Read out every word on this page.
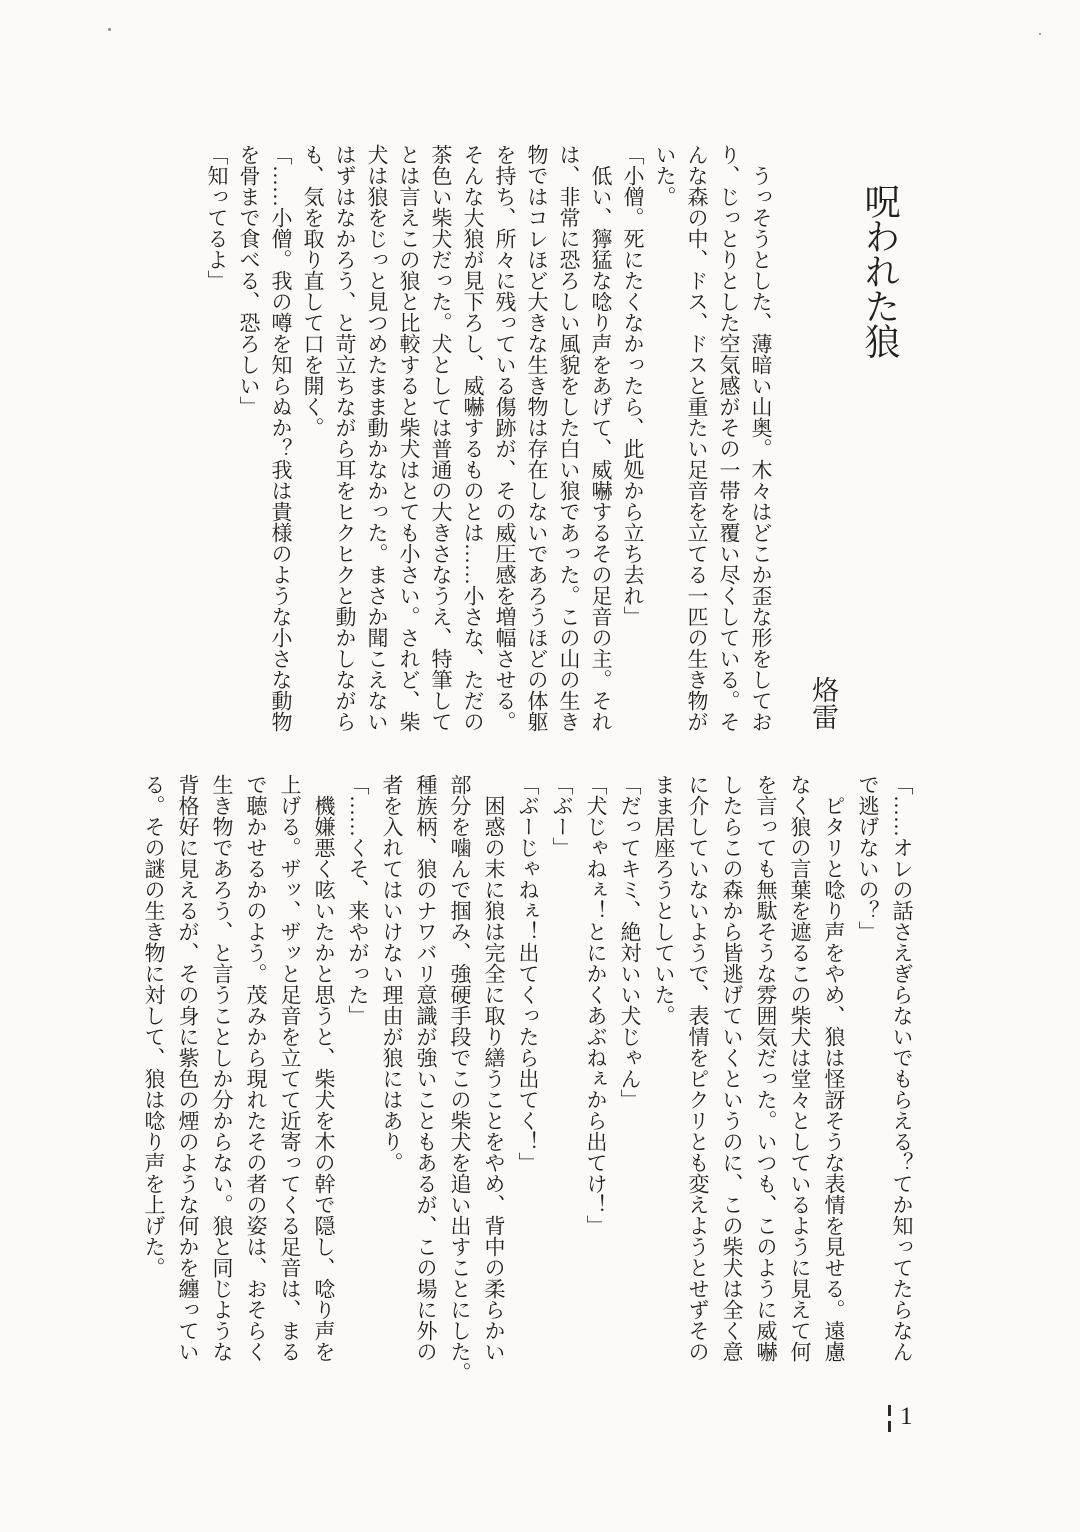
呪われた狼
烙雷
　うっそうとした、薄暗い山奥。木々はどこか歪な形をしてお
り、じっとりとした空気感がその一帯を覆い尽くしている。そ
んな森の中、ドス、ドスと重たい足音を立てる一匹の生き物が
いた。
「小僧。死にたくなかったら、此処から立ち去れ」
　低い、獰猛な唸り声をあげて、威嚇するその足音の主。それ
は、非常に恐ろしい風貌をした白い狼であった。この山の生き
物ではコレほど大きな生き物は存在しないであろうほどの体躯
を持ち、所々に残っている傷跡が、その威圧感を増幅させる。
そんな大狼が見下ろし、威嚇するものとは……小さな、ただの
茶色い柴犬だった。犬としては普通の大きさなうえ、特筆して
とは言えこの狼と比較すると柴犬はとても小さい。されど、柴
犬は狼をじっと見つめたまま動かなかった。まさか聞こえない
はずはなかろう、と苛立ちながら耳をヒクヒクと動かしながら
も、気を取り直して口を開く。
「……小僧。我の噂を知らぬか？我は貴様のような小さな動物
を骨まで食べる、恐ろしい」
「知ってるよ」
「……オレの話さえぎらないでもらえる？てか知ってたらなん
で逃げないの？」
　ピタリと唸り声をやめ、狼は怪訝そうな表情を見せる。遠慮
なく狼の言葉を遮るこの柴犬は堂々としているように見えて何
を言っても無駄そうな雰囲気だった。いつも、このように威嚇
したらこの森から皆逃げていくというのに、この柴犬は全く意
に介していないようで、表情をピクリとも変えようとせずその
まま居座ろうとしていた。
「だってキミ、絶対いい犬じゃん」
「犬じゃねぇ！とにかくあぶねぇから出てけ！」
「ぶー」
「ぶーじゃねぇ！出てくったら出てく！」
　困惑の末に狼は完全に取り繕うことをやめ、背中の柔らかい
部分を噛んで掴み、強硬手段でこの柴犬を追い出すことにした。
種族柄、狼のナワバリ意識が強いこともあるが、この場に外の
者を入れてはいけない理由が狼にはあり。
「……くそ、来やがった」
　機嫌悪く呟いたかと思うと、柴犬を木の幹で隠し、唸り声を
上げる。ザッ、ザッと足音を立てて近寄ってくる足音は、まる
で聴かせるかのよう。茂みから現れたその者の姿は、おそらく
生き物であろう、と言うことしか分からない。狼と同じような
背格好に見えるが、その身に紫色の煙のような何かを纏ってい
る。その謎の生き物に対して、狼は唸り声を上げた。
1
